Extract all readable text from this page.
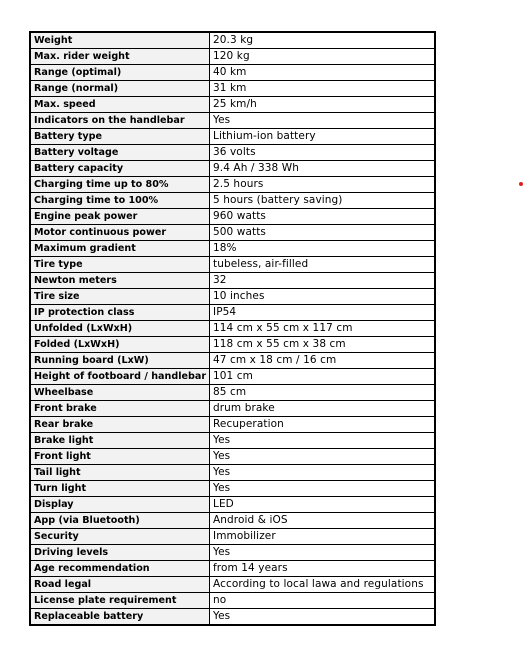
Weight	20.3 kg
Max. rider weight	120 kg
Range (optimal)	40 km
Range (normal)	31 km
Max. speed	25 km/h
Indicators on the handlebar	Yes
Battery type	Lithium-ion battery
Battery voltage	36 volts
Battery capacity	9.4 Ah / 338 Wh
Charging time up to 80%	2.5 hours
Charging time to 100%	5 hours (battery saving)
Engine peak power	960 watts
Motor continuous power	500 watts
Maximum gradient	18%
Tire type	tubeless, air-filled
Newton meters	32
Tire size	10 inches
IP protection class	IP54
Unfolded (LxWxH)	114 cm x 55 cm x 117 cm
Folded (LxWxH)	118 cm x 55 cm x 38 cm
Running board (LxW)	47 cm x 18 cm / 16 cm
Height of footboard / handlebar	101 cm
Wheelbase	85 cm
Front brake	drum brake
Rear brake	Recuperation
Brake light	Yes
Front light	Yes
Tail light	Yes
Turn light	Yes
Display	LED
App (via Bluetooth)	Android & iOS
Security	Immobilizer
Driving levels	Yes
Age recommendation	from 14 years
Road legal	According to local lawa and regulations
License plate requirement	no
Replaceable battery	Yes
